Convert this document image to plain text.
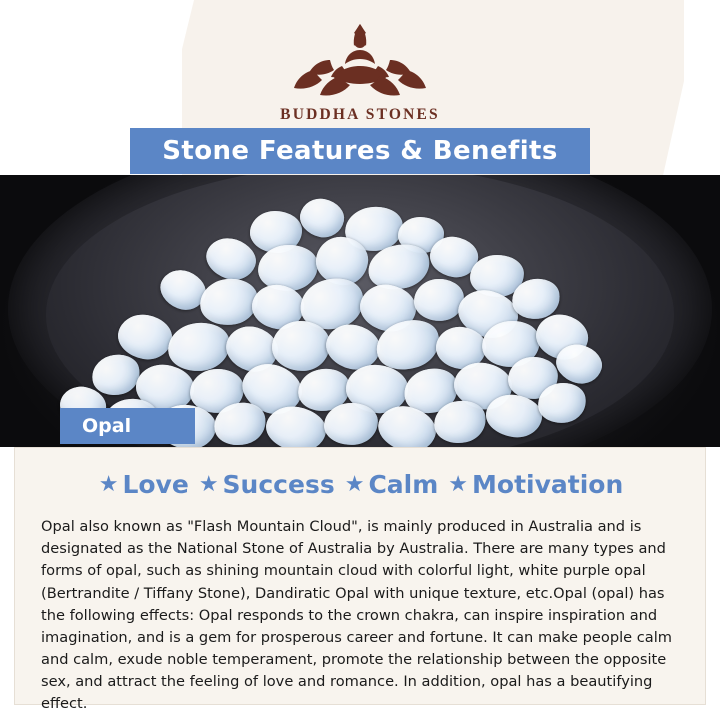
BUDDHA STONES
Stone Features & Benefits
Opal
★ Love ★ Success ★ Calm ★ Motivation

Opal also known as "Flash Mountain Cloud", is mainly produced in Australia and is designated as the National Stone of Australia by Australia. There are many types and forms of opal, such as shining mountain cloud with colorful light, white purple opal (Bertrandite / Tiffany Stone), Dandiratic Opal with unique texture, etc.Opal (opal) has the following effects: Opal responds to the crown chakra, can inspire inspiration and imagination, and is a gem for prosperous career and fortune. It can make people calm and calm, exude noble temperament, promote the relationship between the opposite sex, and attract the feeling of love and romance. In addition, opal has a beautifying effect.
